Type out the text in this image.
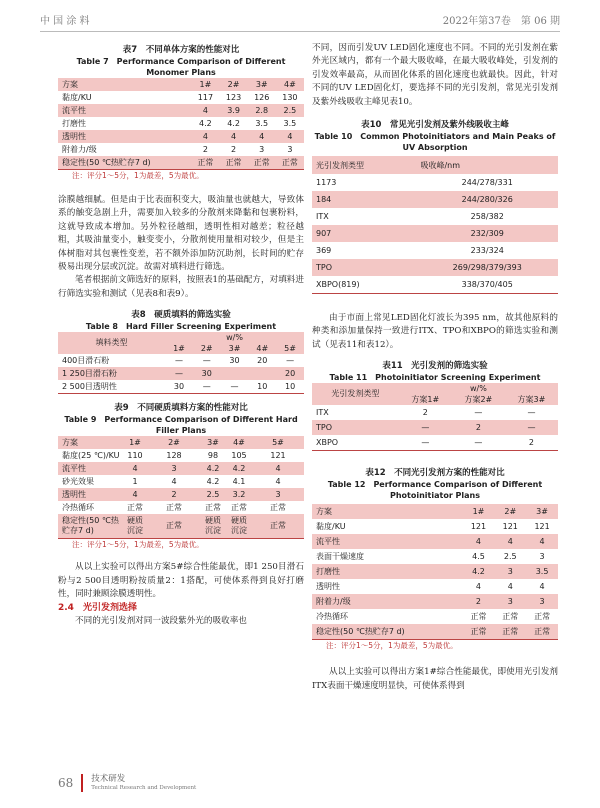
中 国 涂 料	2022年第37卷　第 06 期
表7　不同单体方案的性能对比
Table 7　Performance Comparison of Different Monomer Plans
方案	1#	2#	3#	4#
黏度/KU	117	123	126	130
流平性	4	3.9	2.8	2.5
打磨性	4.2	4.2	3.5	3.5
透明性	4	4	4	4
附着力/级	2	2	3	3
稳定性(50 ℃热贮存7 d)	正常	正常	正常	正常
注：评分1～5分，1为最差，5为最优。

涂膜越细腻。但是由于比表面积变大，吸油量也就越大，导致体系的触变急剧上升，需要加入较多的分散剂来降黏和包裹粉料，这就导致成本增加。另外粒径越细，透明性相对越差；粒径越粗，其吸油量变小，触变变小，分散剂使用量相对较少，但是主体树脂对其包裹性变差，若不额外添加防沉助剂，长时间的贮存极易出现分层或沉淀。故需对填料进行筛选。

笔者根据前文筛选好的原料，按照表1的基础配方，对填料进行筛选实验和测试（见表8和表9）。

表8　硬质填料的筛选实验
Table 8　Hard Filler Screening Experiment
填料类型	w/%				
	1#	2#	3#	4#	5#
400目滑石粉	—	—	30	20	—
1 250目滑石粉	—	30			20
2 500目透明性	30	—	—	10	10
表9　不同硬质填料方案的性能对比
Table 9　Performance Comparison of Different Hard Filler Plans
方案	1#	2#	3#	4#	5#
黏度(25 ℃)/KU	110	128	98	105	121
流平性	4	3	4.2	4.2	4
砂光效果	1	4	4.2	4.1	4
透明性	4	2	2.5	3.2	3
冷热循环	正常	正常	正常	正常	正常
稳定性(50 ℃热贮存7 d)	硬质沉淀	正常	硬质沉淀	硬质沉淀	正常
注：评分1～5分，1为最差，5为最优。

从以上实验可以得出方案5#综合性能最优，即1 250目滑石粉与2 500目透明粉按质量2：1搭配，可使体系得到良好打磨性，同时兼顾涂膜透明性。

2.4　光引发剂选择

不同的光引发剂对同一波段紫外光的吸收率也

不同，因而引发UV LED固化速度也不同。不同的光引发剂在紫外光区域内，都有一个最大吸收峰，在最大吸收峰处，引发剂的引发效率最高，从而固化体系的固化速度也就最快。因此，针对不同的UV LED固化灯，要选择不同的光引发剂，常见光引发剂及紫外线吸收主峰见表10。

表10　常见光引发剂及紫外线吸收主峰
Table 10　Common Photoinitiators and Main Peaks of UV Absorption
光引发剂类型	吸收峰/nm
1173	244/278/331
184	244/280/326
ITX	258/382
907	232/309
369	233/324
TPO	269/298/379/393
XBPO(819)	338/370/405

由于市面上常见LED固化灯波长为395 nm，故其他原料的种类和添加量保持一致进行ITX、TPO和XBPO的筛选实验和测试（见表11和表12）。

表11　光引发剂的筛选实验
Table 11　Photoinitiator Screening Experiment
光引发剂类型	w/%		
	方案1#	方案2#	方案3#
ITX	2	—	—
TPO	—	2	—
XBPO	—	—	2
表12　不同光引发剂方案的性能对比
Table 12　Performance Comparison of Different Photoinitiator Plans
方案	1#	2#	3#
黏度/KU	121	121	121
流平性	4	4	4
表面干燥速度	4.5	2.5	3
打磨性	4.2	3	3.5
透明性	4	4	4
附着力/级	2	3	3
冷热循环	正常	正常	正常
稳定性(50 ℃热贮存7 d)	正常	正常	正常
注：评分1～5分，1为最差，5为最优。

从以上实验可以得出方案1#综合性能最优，即使用光引发剂ITX表面干燥速度明显快，可使体系得到

68 技术研发
Technical Research and Development
